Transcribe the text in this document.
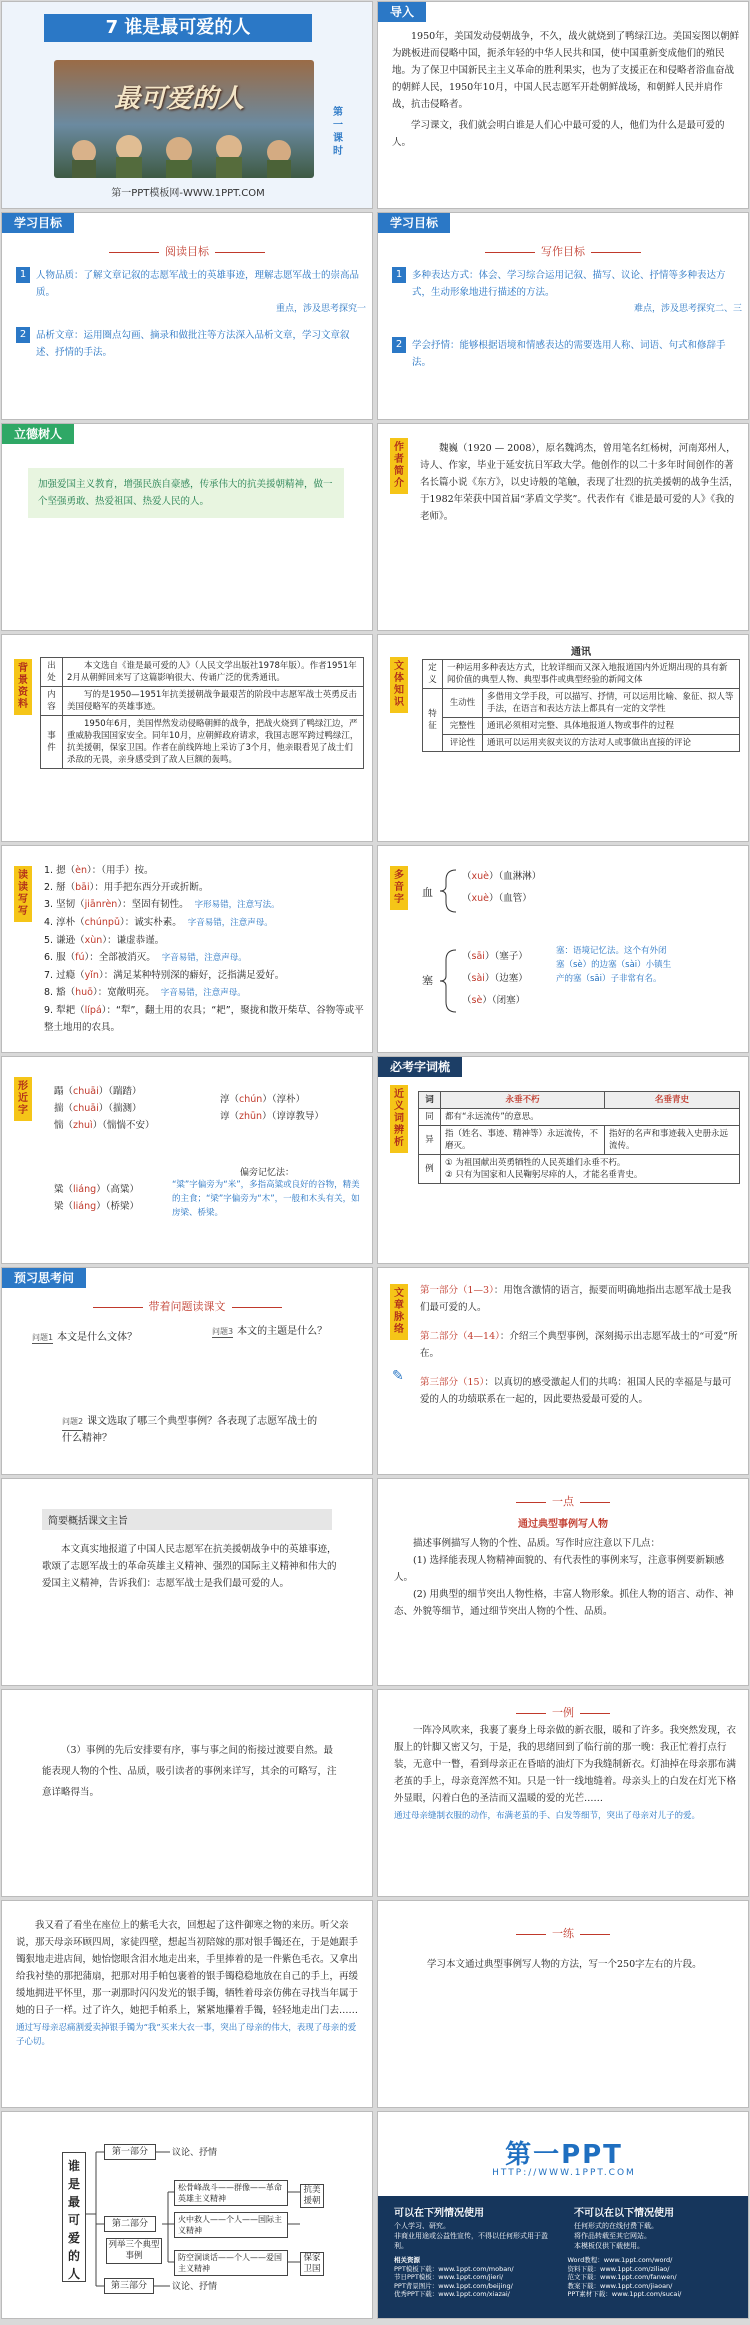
7 谁是最可爱的人
最可爱的人	第一课时
第一PPT模板网-WWW.1PPT.COM
导入

1950年，美国发动侵朝战争，不久，战火就烧到了鸭绿江边。美国妄图以朝鲜为跳板进而侵略中国，扼杀年轻的中华人民共和国，使中国重新变成他们的殖民地。为了保卫中国新民主主义革命的胜利果实，也为了支援正在和侵略者浴血奋战的朝鲜人民，1950年10月，中国人民志愿军开赴朝鲜战场，和朝鲜人民并肩作战，抗击侵略者。

学习课文，我们就会明白谁是人们心中最可爱的人，他们为什么是最可爱的人。

学习目标
阅读目标
1	人物品质：了解文章记叙的志愿军战士的英雄事迹，理解志愿军战士的崇高品质。
重点，涉及思考探究一
2	品析文章：运用圈点勾画、摘录和做批注等方法深入品析文章，学习文章叙述、抒情的手法。
学习目标
写作目标
1	多种表达方式：体会、学习综合运用记叙、描写、议论、抒情等多种表达方式，生动形象地进行描述的方法。
难点，涉及思考探究二、三
2	学会抒情：能够根据语境和情感表达的需要选用人称、词语、句式和修辞手法。
立德树人

加强爱国主义教育，增强民族自豪感，传承伟大的抗美援朝精神，做一个坚强勇敢、热爱祖国、热爱人民的人。

作者简介

魏巍（1920 — 2008），原名魏鸿杰，曾用笔名红杨树，河南郑州人，诗人、作家，毕业于延安抗日军政大学。他创作的以二十多年时间创作的著名长篇小说《东方》，以史诗般的笔触，表现了壮烈的抗美援朝的战争生活，于1982年荣获中国首届“茅盾文学奖”。代表作有《谁是最可爱的人》《我的老师》。

背景资料
出处	本文选自《谁是最可爱的人》（人民文学出版社1978年版）。作者1951年2月从朝鲜回来写了这篇影响很大、传诵广泛的优秀通讯。
内容	写的是1950—1951年抗美援朝战争最艰苦的阶段中志愿军战士英勇反击美国侵略军的英雄事迹。
事件	1950年6月，美国悍然发动侵略朝鲜的战争，把战火烧到了鸭绿江边，严重威胁我国国家安全。同年10月，应朝鲜政府请求，我国志愿军跨过鸭绿江，抗美援朝，保家卫国。作者在前线阵地上采访了3个月，他亲眼看见了战士们杀敌的无畏，亲身感受到了敌人巨额的轰鸣。
文体知识
通讯
定义	一种运用多种表达方式，比较详细而又深入地报道国内外近期出现的具有新闻价值的典型人物、典型事件或典型经验的新闻文体	
特征	生动性	多借用文学手段，可以描写、抒情，可以运用比喻、象征、拟人等手法，在语言和表达方法上都具有一定的文学性
	完整性	通讯必须相对完整、具体地报道人物或事件的过程
	评论性	通讯可以运用夹叙夹议的方法对人或事做出直接的评论
读读写写
1. 摁（èn）：（用手）按。
2. 掰（bāi）：用手把东西分开或折断。
3. 坚韧（jiānrèn）：坚固有韧性。 字形易错，注意写法。
4. 淳朴（chúnpǔ）：诚实朴素。 字音易错，注意声母。
5. 谦逊（xùn）：谦虚恭谨。
6. 服（fú）：全部被消灭。 字音易错，注意声母。
7. 过瘾（yǐn）：满足某种特别深的癖好，泛指满足爱好。
8. 豁（huō）：宽敞明亮。 字音易错，注意声母。
9. 犁耙（lípá）：“犁”，翻土用的农具；“耙”，聚拢和散开柴草、谷物等或平整土地用的农具。
多音字
血
（xuè）（血淋淋）
（xuè）（血管）
塞
（sāi）（塞子）
（sài）（边塞）
（sè）（闭塞）

塞：语境记忆法。这个有外闭塞（sè）的边塞（sài）小镇生产的塞（sāi）子非常有名。

形近字
蹋（chuāi）（踹踏）
揣（chuāi）（揣测）
惴（zhuì）（惴惴不安）
淳（chún）（淳朴）
谆（zhūn）（谆谆教导）
粱（liáng）（高粱）
梁（liáng）（桥梁）
偏旁记忆法：

“粱”字偏旁为“米”，多指高粱或良好的谷物，精美的主食；“梁”字偏旁为“木”，一般和木头有关，如房梁、桥梁。

必考字词梳
近义词辨析
词	永垂不朽	名垂青史
同	都有“永远流传”的意思。	
异	指（姓名、事迹、精神等）永远流传，不磨灭。	指好的名声和事迹载入史册永远流传。
例	① 为祖国献出英勇牺牲的人民英雄们永垂不朽。
② 只有为国家和人民鞠躬尽瘁的人，才能名垂青史。	
预习思考问
带着问题读课文
问题1 本文是什么文体？
问题3 本文的主题是什么？
问题2 课文选取了哪三个典型事例？各表现了志愿军战士的什么精神？
文章脉络
✎

第一部分（1—3）：用饱含激情的语言，振要而明确地指出志愿军战士是我们最可爱的人。

第二部分（4—14）：介绍三个典型事例，深刻揭示出志愿军战士的“可爱”所在。

第三部分（15）：以真切的感受激起人们的共鸣：祖国人民的幸福是与最可爱的人的功绩联系在一起的，因此要热爱最可爱的人。

简要概括课文主旨

本文真实地报道了中国人民志愿军在抗美援朝战争中的英雄事迹，歌颂了志愿军战士的革命英雄主义精神、强烈的国际主义精神和伟大的爱国主义精神，告诉我们：志愿军战士是我们最可爱的人。

一点
通过典型事例写人物

描述事例描写人物的个性、品质。写作时应注意以下几点：

(1) 选择能表现人物精神面貌的、有代表性的事例来写，注意事例要新颖感人。

(2) 用典型的细节突出人物性格，丰富人物形象。抓住人物的语言、动作、神态、外貌等细节，通过细节突出人物的个性、品质。

（3）事例的先后安排要有序，事与事之间的衔接过渡要自然。最能表现人物的个性、品质，吸引读者的事例来详写，其余的可略写，注意详略得当。

一例

一阵冷风吹来，我裹了裹身上母亲做的新衣服，暖和了许多。我突然发现，衣服上的针脚又密又匀，于是，我的思绪回到了临行前的那一晚：我正忙着打点行装，无意中一瞥，看到母亲正在昏暗的油灯下为我缝制新衣。灯油掉在母亲那布满老茧的手上，母亲竟浑然不知。只是一针一线地缝着。母亲头上的白发在灯光下格外显眼，闪着白色的圣洁而又温暖的爱的光芒……

通过母亲缝制衣服的动作，布满老茧的手、白发等细节，突出了母亲对儿子的爱。

我又看了看坐在座位上的紫毛大衣，回想起了这件御寒之物的来历。听父亲说，那天母亲环顾四周，家徒四壁，想起当初陪嫁的那对银手镯还在，于是她跟手镯狠地走进店间，她怡惚眼含泪水地走出来，手里捧着的是一件紫色毛衣。又拿出给我衬垫的那把蒲扇，把那对用手帕包裹着的银手镯稳稳地放在自己的手上，再缓缓地拥进平怀里，那一剥那时闪闪发光的银手镯，牺牲着母亲仿佛在寻找当年属于她的日子一样。过了许久，她把手帕系上，紧紧地攥着手镯，轻轻地走出门去……

通过写母亲忍痛割爱卖掉银手镯为“我”买来大衣一事，突出了母亲的伟大，表现了母亲的爱子心切。

一练

学习本文通过典型事例写人物的方法，写一个250字左右的片段。

谁是最可爱的人
第一部分	议论、抒情
第二部分
列举三个典型事例
松骨峰战斗——群像——革命英雄主义精神
火中救人——个人——国际主义精神
防空洞谈话——个人——爱国主义精神
抗美援朝
保家卫国
第三部分	议论、抒情
第一PPT
HTTP://WWW.1PPT.COM
可以在下列情况使用
个人学习、研究。
非商业用途或公益性宣传，不得以任何形式用于盈利。
不可以在以下情况使用
任何形式的在线付费下载。
将作品转载至其它网站。
本模板仅供下载使用。
相关资源
PPT模板下载：www.1ppt.com/moban/
节日PPT模板：www.1ppt.com/jieri/
PPT背景图片：www.1ppt.com/beijing/
优秀PPT下载：www.1ppt.com/xiazai/
Word教程：www.1ppt.com/word/
资料下载：www.1ppt.com/ziliao/
范文下载：www.1ppt.com/fanwen/
教案下载：www.1ppt.com/jiaoan/
PPT素材下载：www.1ppt.com/sucai/
